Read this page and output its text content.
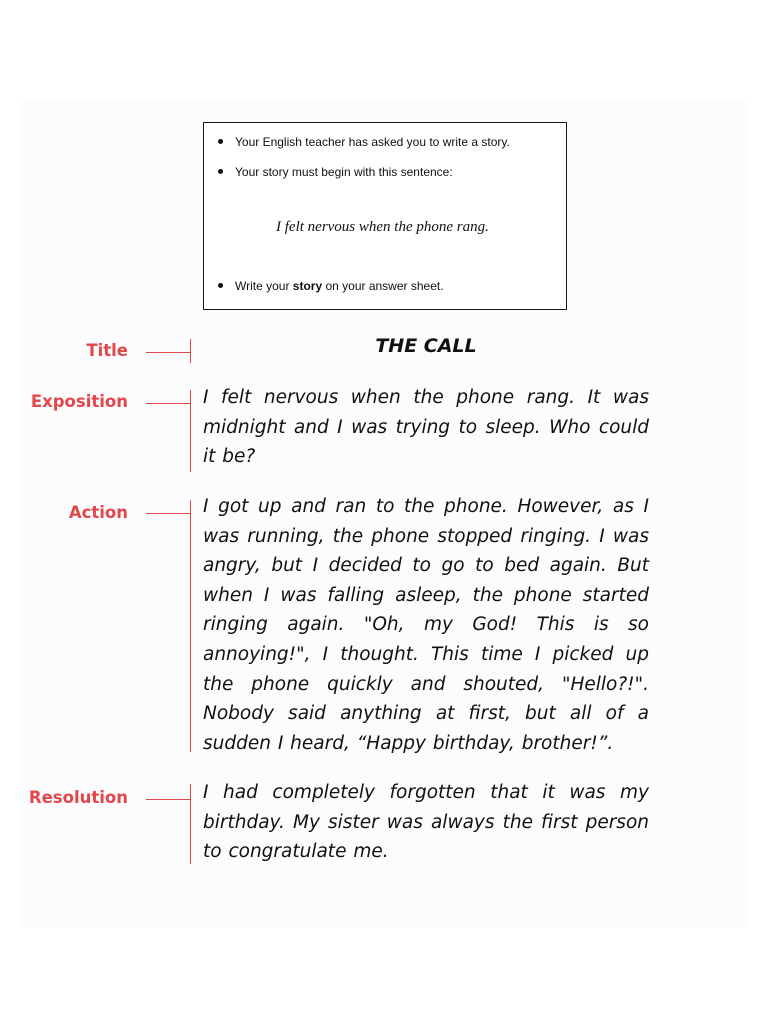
Your English teacher has asked you to write a story.
Your story must begin with this sentence:
I felt nervous when the phone rang.
Write your story on your answer sheet.
Title	THE CALL
Exposition	I felt nervous when the phone rang. It was midnight and I was trying to sleep. Who could it be?

Action	I got up and ran to the phone. However, as I was running, the phone stopped ringing. I was angry, but I decided to go to bed again. But when I was falling asleep, the phone started ringing again. "Oh, my God! This is so annoying!", I thought. This time I picked up the phone quickly and shouted, "Hello?!". Nobody said anything at first, but all of a sudden I heard, “Happy birthday, brother!”.

Resolution	I had completely forgotten that it was my birthday. My sister was always the first person to congratulate me.
